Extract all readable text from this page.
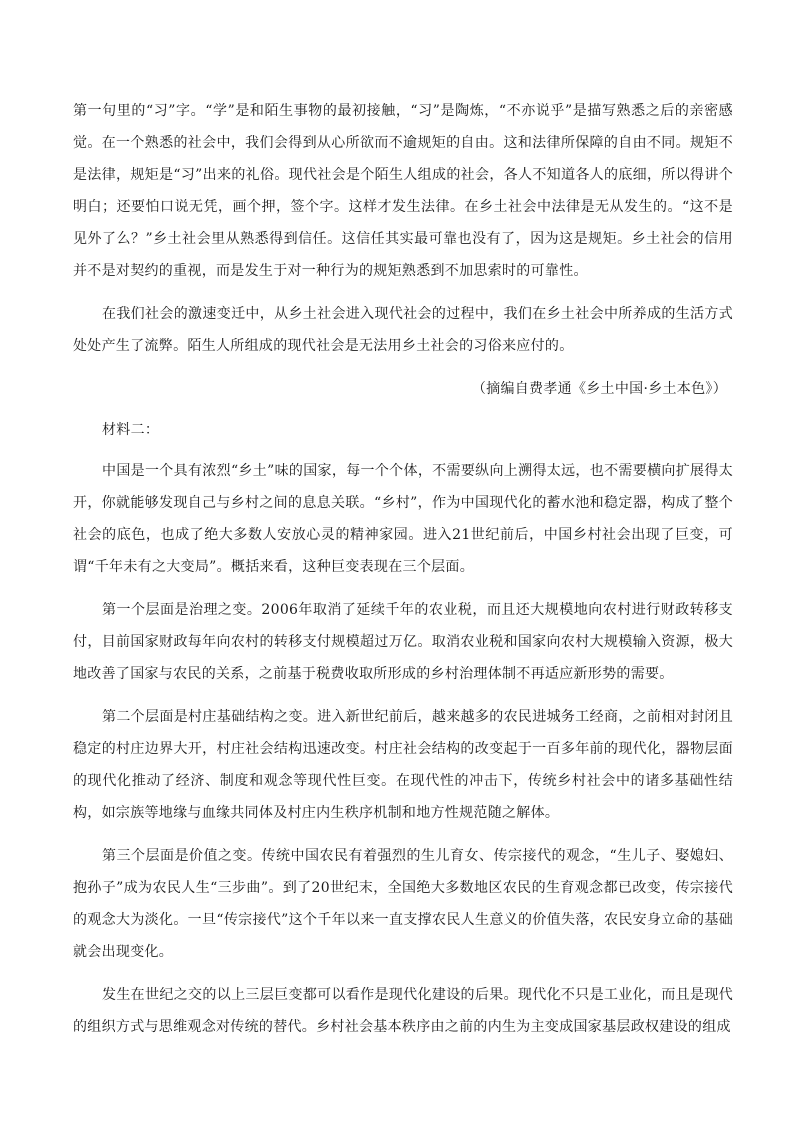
第一句里的“习”字。“学”是和陌生事物的最初接触，“习”是陶炼，“不亦说乎”是描写熟悉之后的亲密感觉。在一个熟悉的社会中，我们会得到从心所欲而不逾规矩的自由。这和法律所保障的自由不同。规矩不是法律，规矩是“习”出来的礼俗。现代社会是个陌生人组成的社会，各人不知道各人的底细，所以得讲个明白；还要怕口说无凭，画个押，签个字。这样才发生法律。在乡土社会中法律是无从发生的。“这不是见外了么？”乡土社会里从熟悉得到信任。这信任其实最可靠也没有了，因为这是规矩。乡土社会的信用并不是对契约的重视，而是发生于对一种行为的规矩熟悉到不加思索时的可靠性。

在我们社会的激速变迁中，从乡土社会进入现代社会的过程中，我们在乡土社会中所养成的生活方式处处产生了流弊。陌生人所组成的现代社会是无法用乡土社会的习俗来应付的。

（摘编自费孝通《乡土中国·乡土本色》）

材料二：

中国是一个具有浓烈“乡土”味的国家，每一个个体，不需要纵向上溯得太远，也不需要横向扩展得太开，你就能够发现自己与乡村之间的息息关联。“乡村”，作为中国现代化的蓄水池和稳定器，构成了整个社会的底色，也成了绝大多数人安放心灵的精神家园。进入21世纪前后，中国乡村社会出现了巨变，可谓“千年未有之大变局”。概括来看，这种巨变表现在三个层面。

第一个层面是治理之变。2006年取消了延续千年的农业税，而且还大规模地向农村进行财政转移支付，目前国家财政每年向农村的转移支付规模超过万亿。取消农业税和国家向农村大规模输入资源，极大地改善了国家与农民的关系，之前基于税费收取所形成的乡村治理体制不再适应新形势的需要。

第二个层面是村庄基础结构之变。进入新世纪前后，越来越多的农民进城务工经商，之前相对封闭且稳定的村庄边界大开，村庄社会结构迅速改变。村庄社会结构的改变起于一百多年前的现代化，器物层面的现代化推动了经济、制度和观念等现代性巨变。在现代性的冲击下，传统乡村社会中的诸多基础性结构，如宗族等地缘与血缘共同体及村庄内生秩序机制和地方性规范随之解体。

第三个层面是价值之变。传统中国农民有着强烈的生儿育女、传宗接代的观念，“生儿子、娶媳妇、抱孙子”成为农民人生“三步曲”。到了20世纪末，全国绝大多数地区农民的生育观念都已改变，传宗接代的观念大为淡化。一旦“传宗接代”这个千年以来一直支撑农民人生意义的价值失落，农民安身立命的基础就会出现变化。

发生在世纪之交的以上三层巨变都可以看作是现代化建设的后果。现代化不只是工业化，而且是现代的组织方式与思维观念对传统的替代。乡村社会基本秩序由之前的内生为主变成国家基层政权建设的组成
